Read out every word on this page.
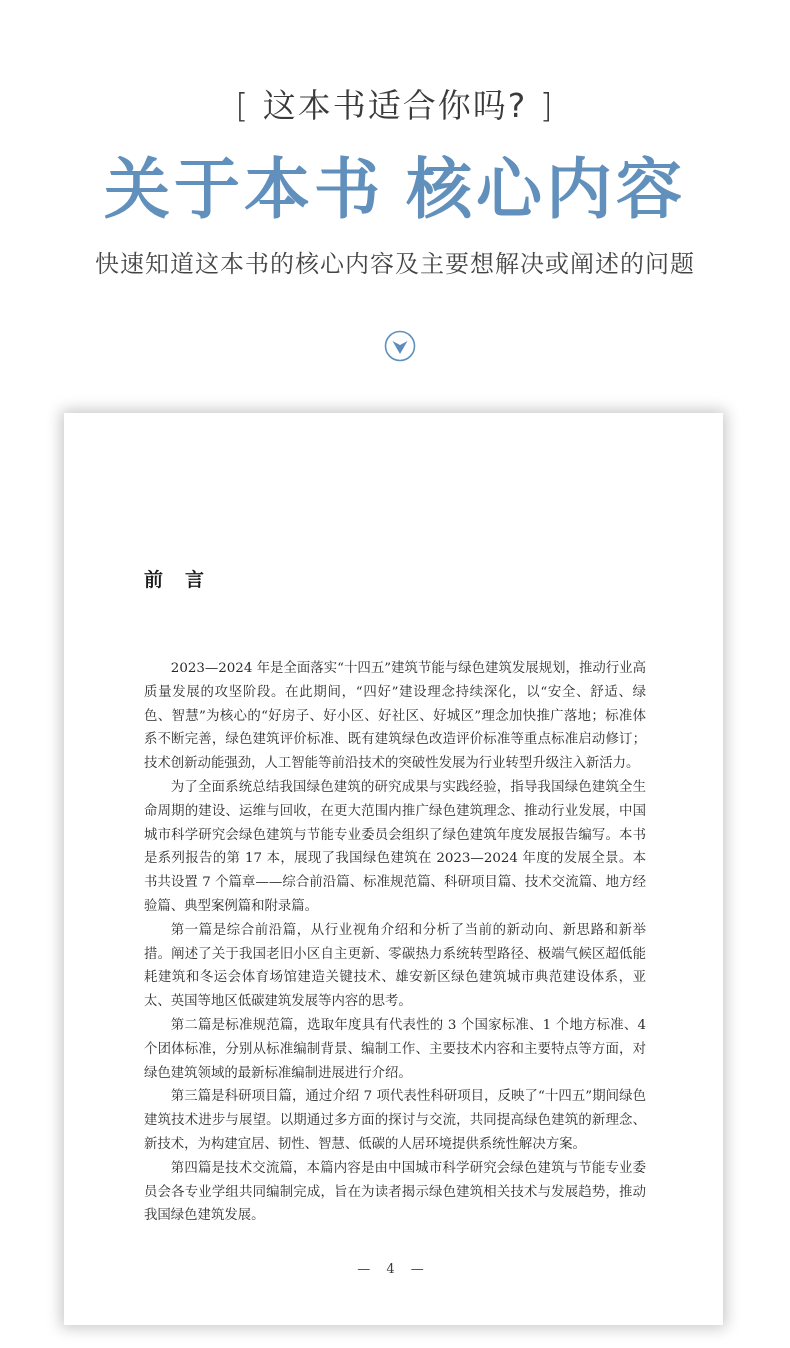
[ 这本书适合你吗? ]
关于本书 核心内容
快速知道这本书的核心内容及主要想解决或阐述的问题
前言

2023—2024 年是全面落实“十四五”建筑节能与绿色建筑发展规划，推动行业高质量发展的攻坚阶段。在此期间，“四好”建设理念持续深化，以“安全、舒适、绿色、智慧”为核心的“好房子、好小区、好社区、好城区”理念加快推广落地；标准体系不断完善，绿色建筑评价标准、既有建筑绿色改造评价标准等重点标准启动修订；技术创新动能强劲，人工智能等前沿技术的突破性发展为行业转型升级注入新活力。

为了全面系统总结我国绿色建筑的研究成果与实践经验，指导我国绿色建筑全生命周期的建设、运维与回收，在更大范围内推广绿色建筑理念、推动行业发展，中国城市科学研究会绿色建筑与节能专业委员会组织了绿色建筑年度发展报告编写。本书是系列报告的第 17 本，展现了我国绿色建筑在 2023—2024 年度的发展全景。本书共设置 7 个篇章——综合前沿篇、标准规范篇、科研项目篇、技术交流篇、地方经验篇、典型案例篇和附录篇。

第一篇是综合前沿篇，从行业视角介绍和分析了当前的新动向、新思路和新举措。阐述了关于我国老旧小区自主更新、零碳热力系统转型路径、极端气候区超低能耗建筑和冬运会体育场馆建造关键技术、雄安新区绿色建筑城市典范建设体系，亚太、英国等地区低碳建筑发展等内容的思考。

第二篇是标准规范篇，选取年度具有代表性的 3 个国家标准、1 个地方标准、4 个团体标准，分别从标准编制背景、编制工作、主要技术内容和主要特点等方面，对绿色建筑领域的最新标准编制进展进行介绍。

第三篇是科研项目篇，通过介绍 7 项代表性科研项目，反映了“十四五”期间绿色建筑技术进步与展望。以期通过多方面的探讨与交流，共同提高绿色建筑的新理念、新技术，为构建宜居、韧性、智慧、低碳的人居环境提供系统性解决方案。

第四篇是技术交流篇，本篇内容是由中国城市科学研究会绿色建筑与节能专业委员会各专业学组共同编制完成，旨在为读者揭示绿色建筑相关技术与发展趋势，推动我国绿色建筑发展。

— 4 —
